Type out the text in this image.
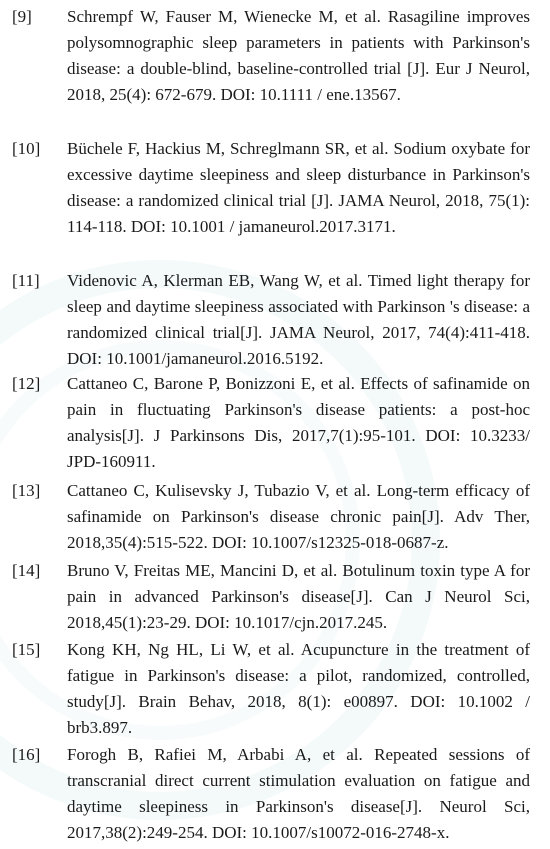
[9] Schrempf W, Fauser M, Wienecke M, et al. Rasagiline improves polysomnographic sleep parameters in patients with Parkinson's disease: a double-blind, baseline-controlled trial [J]. Eur J Neurol, 2018, 25(4): 672-679. DOI: 10.1111 / ene.13567.

[10] Büchele F, Hackius M, Schreglmann SR, et al. Sodium oxybate for excessive daytime sleepiness and sleep disturbance in Parkinson's disease: a randomized clinical trial [J]. JAMA Neurol, 2018, 75(1): 114-118. DOI: 10.1001 / jamaneurol.2017.3171.

[11] Videnovic A, Klerman EB, Wang W, et al. Timed light therapy for sleep and daytime sleepiness associated with Parkinson 's disease: a randomized clinical trial[J]. JAMA Neurol, 2017, 74(4):411-418. DOI: 10.1001/jamaneurol.2016.5192.

[12] Cattaneo C, Barone P, Bonizzoni E, et al. Effects of safinamide on pain in fluctuating Parkinson's disease patients: a post-hoc analysis[J]. J Parkinsons Dis, 2017,7(1):95-101. DOI: 10.3233/ JPD-160911.

[13] Cattaneo C, Kulisevsky J, Tubazio V, et al. Long-term efficacy of safinamide on Parkinson's disease chronic pain[J]. Adv Ther, 2018,35(4):515-522. DOI: 10.1007/s12325-018-0687-z.

[14] Bruno V, Freitas ME, Mancini D, et al. Botulinum toxin type A for pain in advanced Parkinson's disease[J]. Can J Neurol Sci, 2018,45(1):23-29. DOI: 10.1017/cjn.2017.245.

[15] Kong KH, Ng HL, Li W, et al. Acupuncture in the treatment of fatigue in Parkinson's disease: a pilot, randomized, controlled, study[J]. Brain Behav, 2018, 8(1): e00897. DOI: 10.1002 / brb3.897.

[16] Forogh B, Rafiei M, Arbabi A, et al. Repeated sessions of transcranial direct current stimulation evaluation on fatigue and daytime sleepiness in Parkinson's disease[J]. Neurol Sci, 2017,38(2):249-254. DOI: 10.1007/s10072-016-2748-x.
